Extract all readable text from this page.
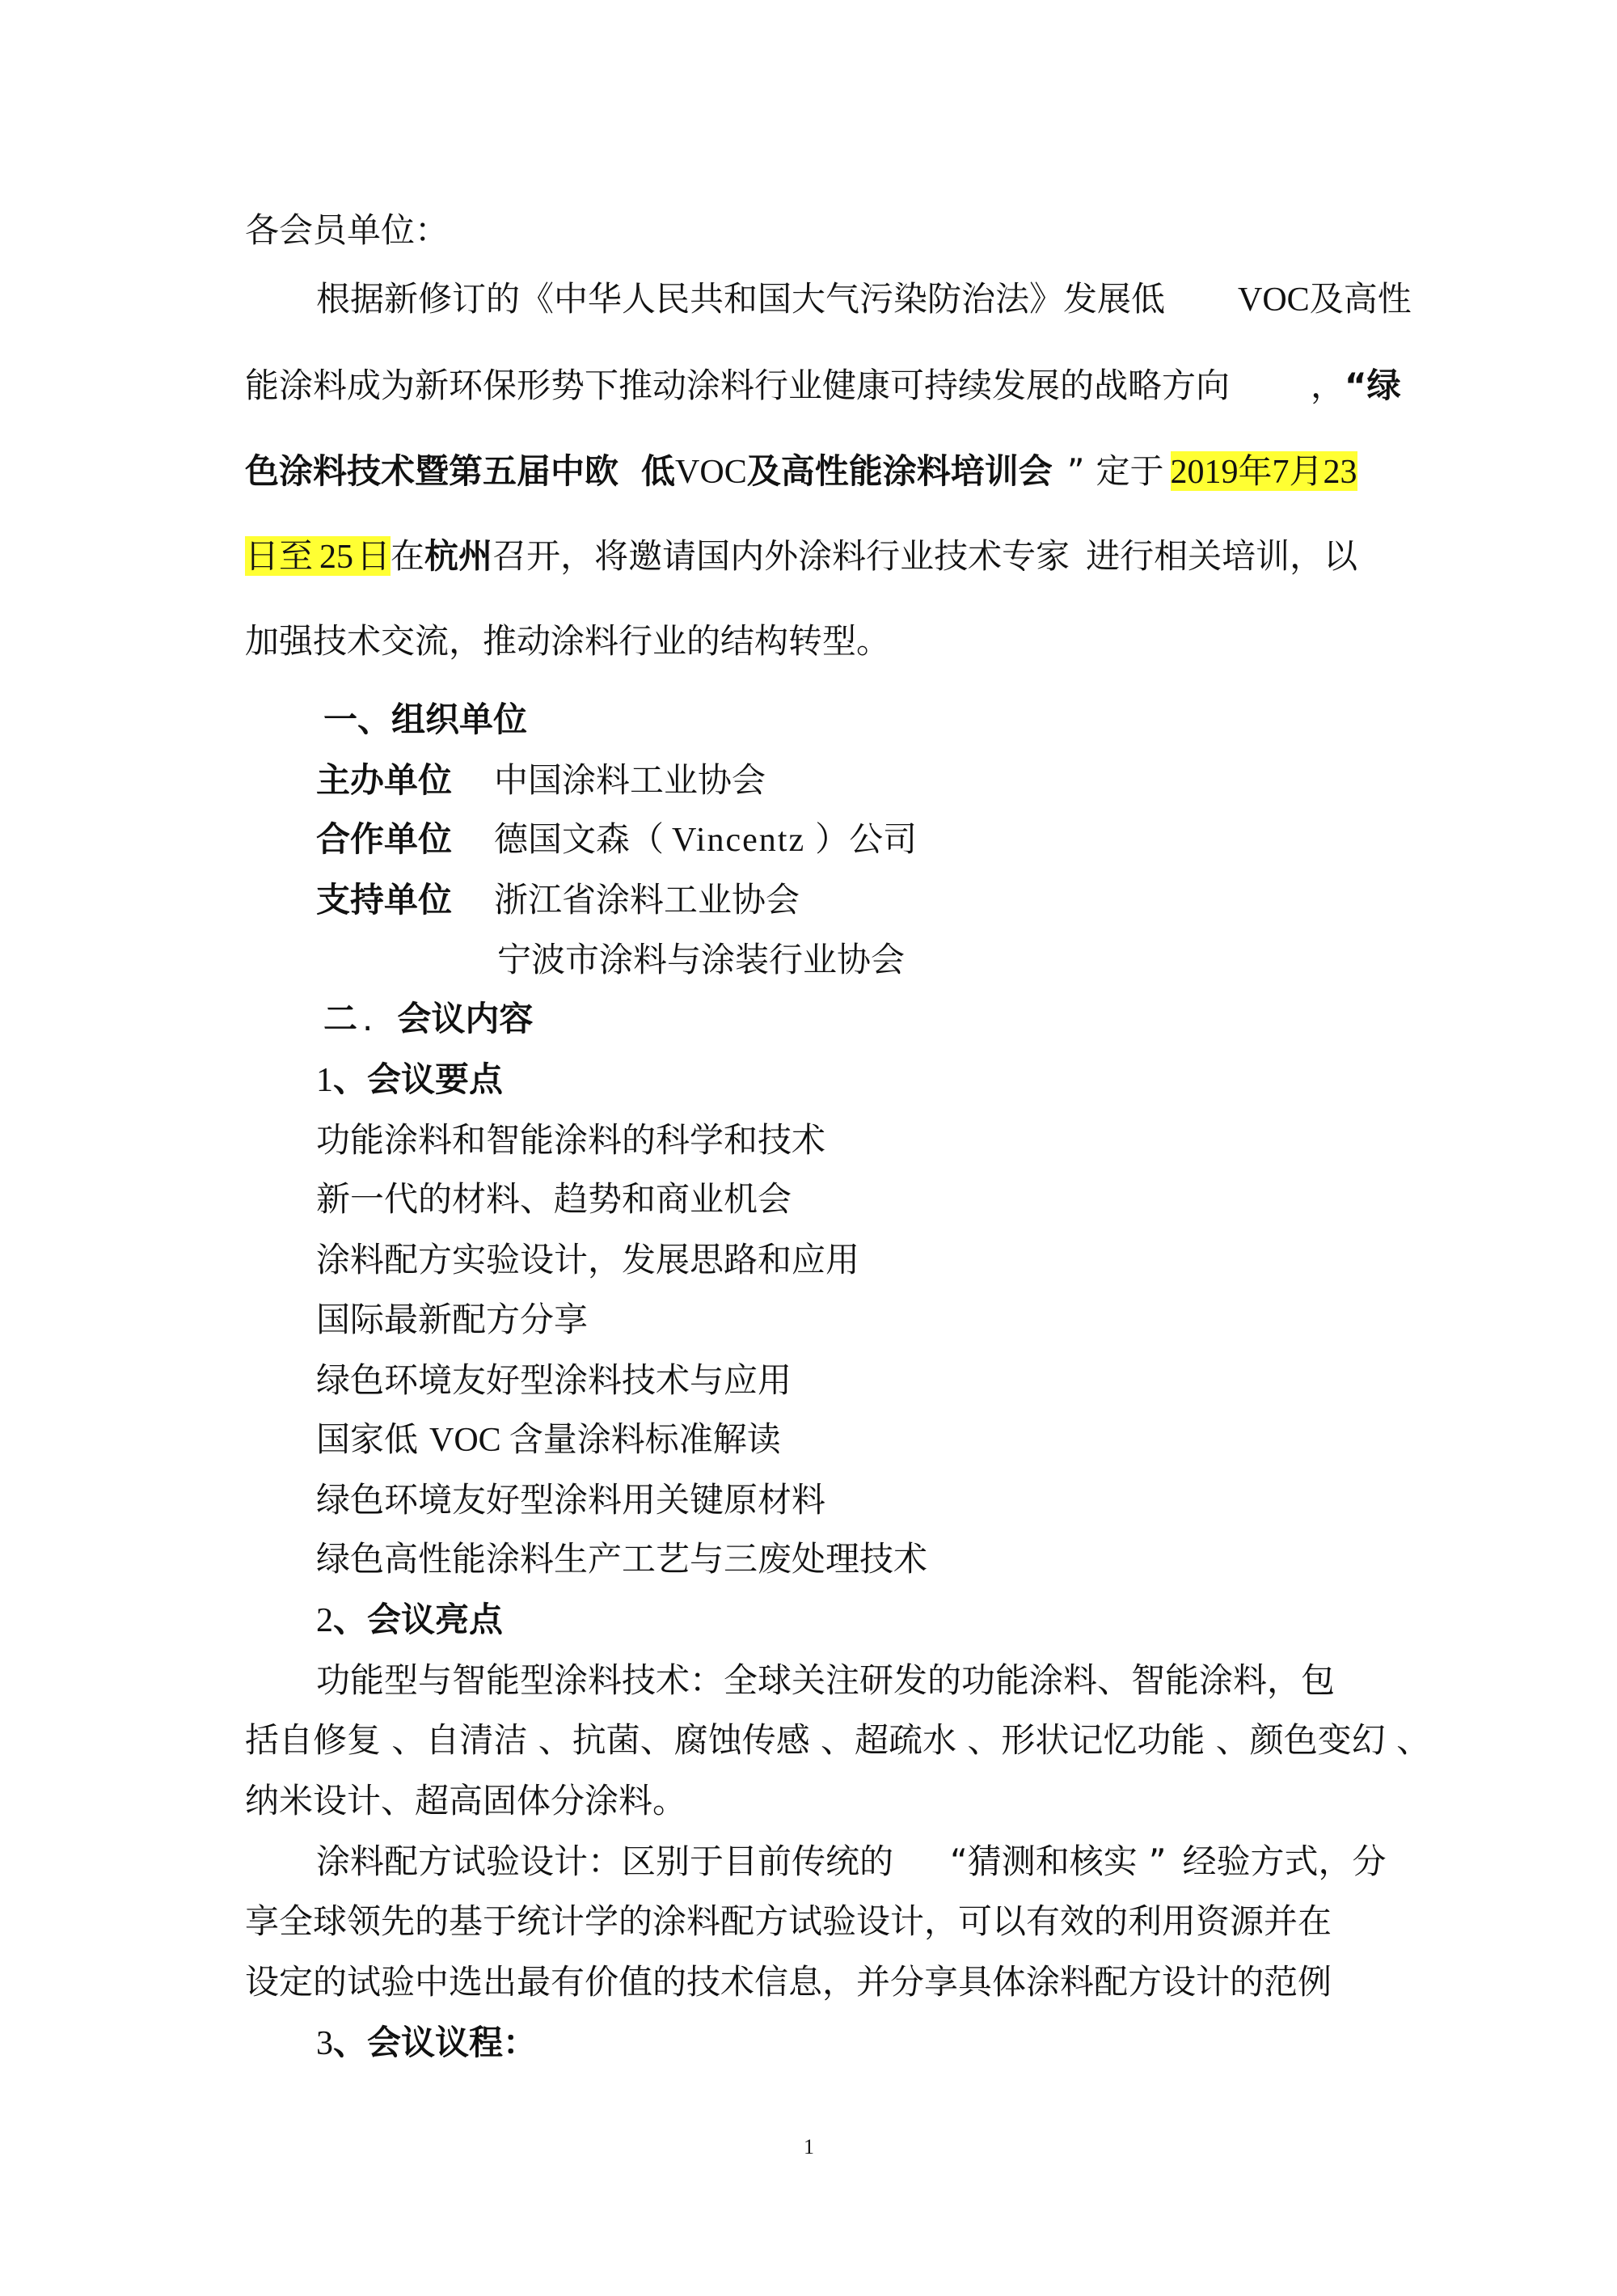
各会员单位：
根据新修订的《中华人民共和国大气污染防治法》发展低 VOC及高性
能涂料成为新环保形势下推动涂料行业健康可持续发展的战略方向 ，“绿
色涂料技术暨第五届中欧 低VOC及高性能涂料培训会 ” 定于 2019年7月23
日至 25日在杭州召开，将邀请国内外涂料行业技术专家 进行相关培训，以
加强技术交流，推动涂料行业的结构转型。
一、组织单位
主办单位 中国涂料工业协会
合作单位 德国文森（ Vincentz ）公司
支持单位 浙江省涂料工业协会
宁波市涂料与涂装行业协会
二 . 会议内容
1、会议要点
功能涂料和智能涂料的科学和技术
新一代的材料、趋势和商业机会
涂料配方实验设计，发展思路和应用
国际最新配方分享
绿色环境友好型涂料技术与应用
国家低 VOC 含量涂料标准解读
绿色环境友好型涂料用关键原材料
绿色高性能涂料生产工艺与三废处理技术
2、会议亮点
功能型与智能型涂料技术：全球关注研发的功能涂料、智能涂料，包
括自修复 、自清洁 、抗菌、腐蚀传感 、超疏水 、形状记忆功能 、颜色变幻 、
纳米设计、超高固体分涂料。
涂料配方试验设计：区别于目前传统的 “猜测和核实 ” 经验方式，分
享全球领先的基于统计学的涂料配方试验设计，可以有效的利用资源并在
设定的试验中选出最有价值的技术信息，并分享具体涂料配方设计的范例
3、会议议程：
1
